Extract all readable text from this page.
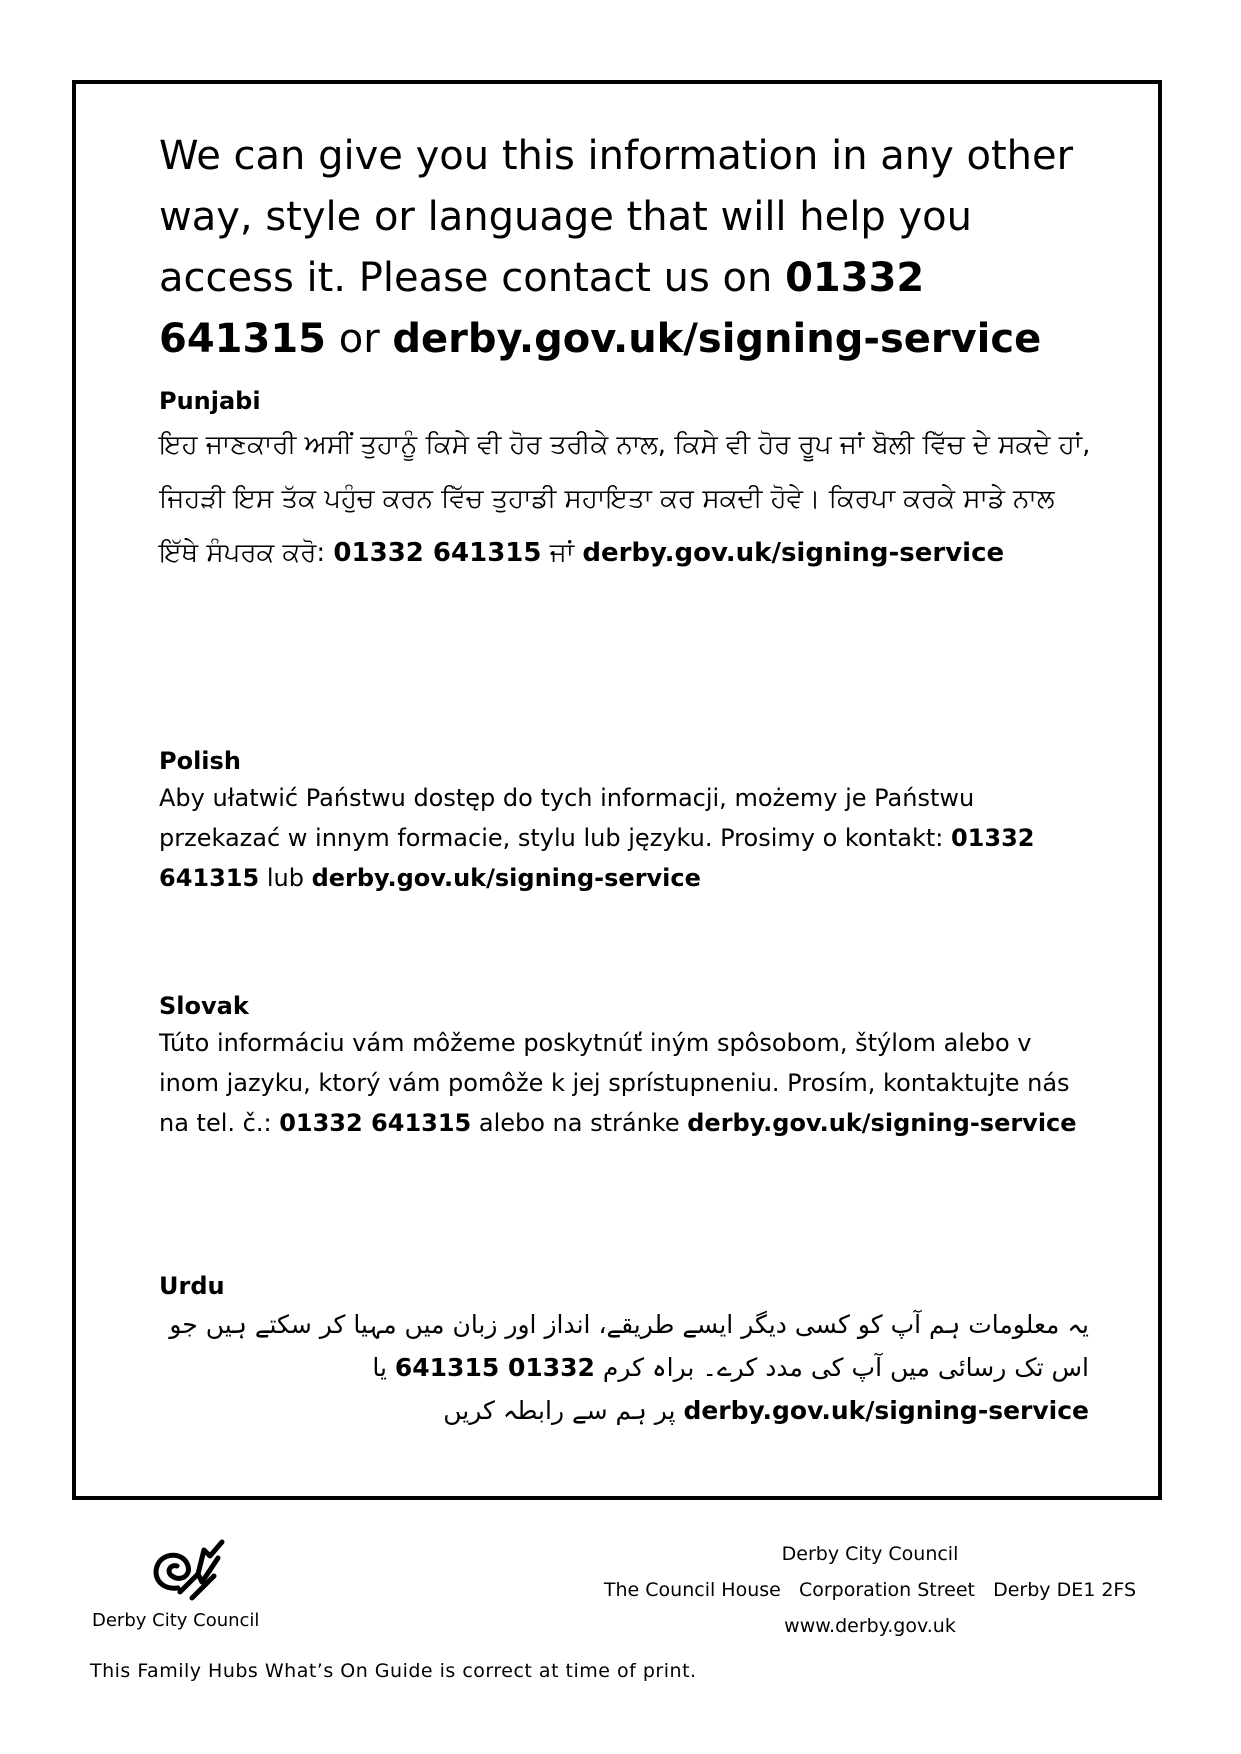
We can give you this information in any other way, style or language that will help you access it. Please contact us on 01332 641315 or derby.gov.uk/signing-service

Punjabi

ਇਹ ਜਾਣਕਾਰੀ ਅਸੀਂ ਤੁਹਾਨੂੰ ਕਿਸੇ ਵੀ ਹੋਰ ਤਰੀਕੇ ਨਾਲ, ਕਿਸੇ ਵੀ ਹੋਰ ਰੂਪ ਜਾਂ ਬੋਲੀ ਵਿੱਚ ਦੇ ਸਕਦੇ ਹਾਂ, ਜਿਹੜੀ ਇਸ ਤੱਕ ਪਹੁੰਚ ਕਰਨ ਵਿੱਚ ਤੁਹਾਡੀ ਸਹਾਇਤਾ ਕਰ ਸਕਦੀ ਹੋਵੇ। ਕਿਰਪਾ ਕਰਕੇ ਸਾਡੇ ਨਾਲ ਇੱਥੇ ਸੰਪਰਕ ਕਰੋ: 01332 641315 ਜਾਂ derby.gov.uk/signing-service

Polish

Aby ułatwić Państwu dostęp do tych informacji, możemy je Państwu przekazać w innym formacie, stylu lub języku. Prosimy o kontakt: 01332 641315 lub derby.gov.uk/signing-service

Slovak

Túto informáciu vám môžeme poskytnúť iným spôsobom, štýlom alebo v inom jazyku, ktorý vám pomôže k jej sprístupneniu. Prosím, kontaktujte nás na tel. č.: 01332 641315 alebo na stránke derby.gov.uk/signing-service

Urdu

یہ معلومات ہم آپ کو کسی دیگر ایسے طریقے، انداز اور زبان میں مہیا کر سکتے ہیں جو اس تک رسائی میں آپ کی مدد کرے۔ براہ کرم 01332 641315 یا derby.gov.uk/signing-service پر ہم سے رابطہ کریں

Derby City Council
Derby City Council
The Council House   Corporation Street   Derby DE1 2FS
www.derby.gov.uk
This Family Hubs What’s On Guide is correct at time of print.
